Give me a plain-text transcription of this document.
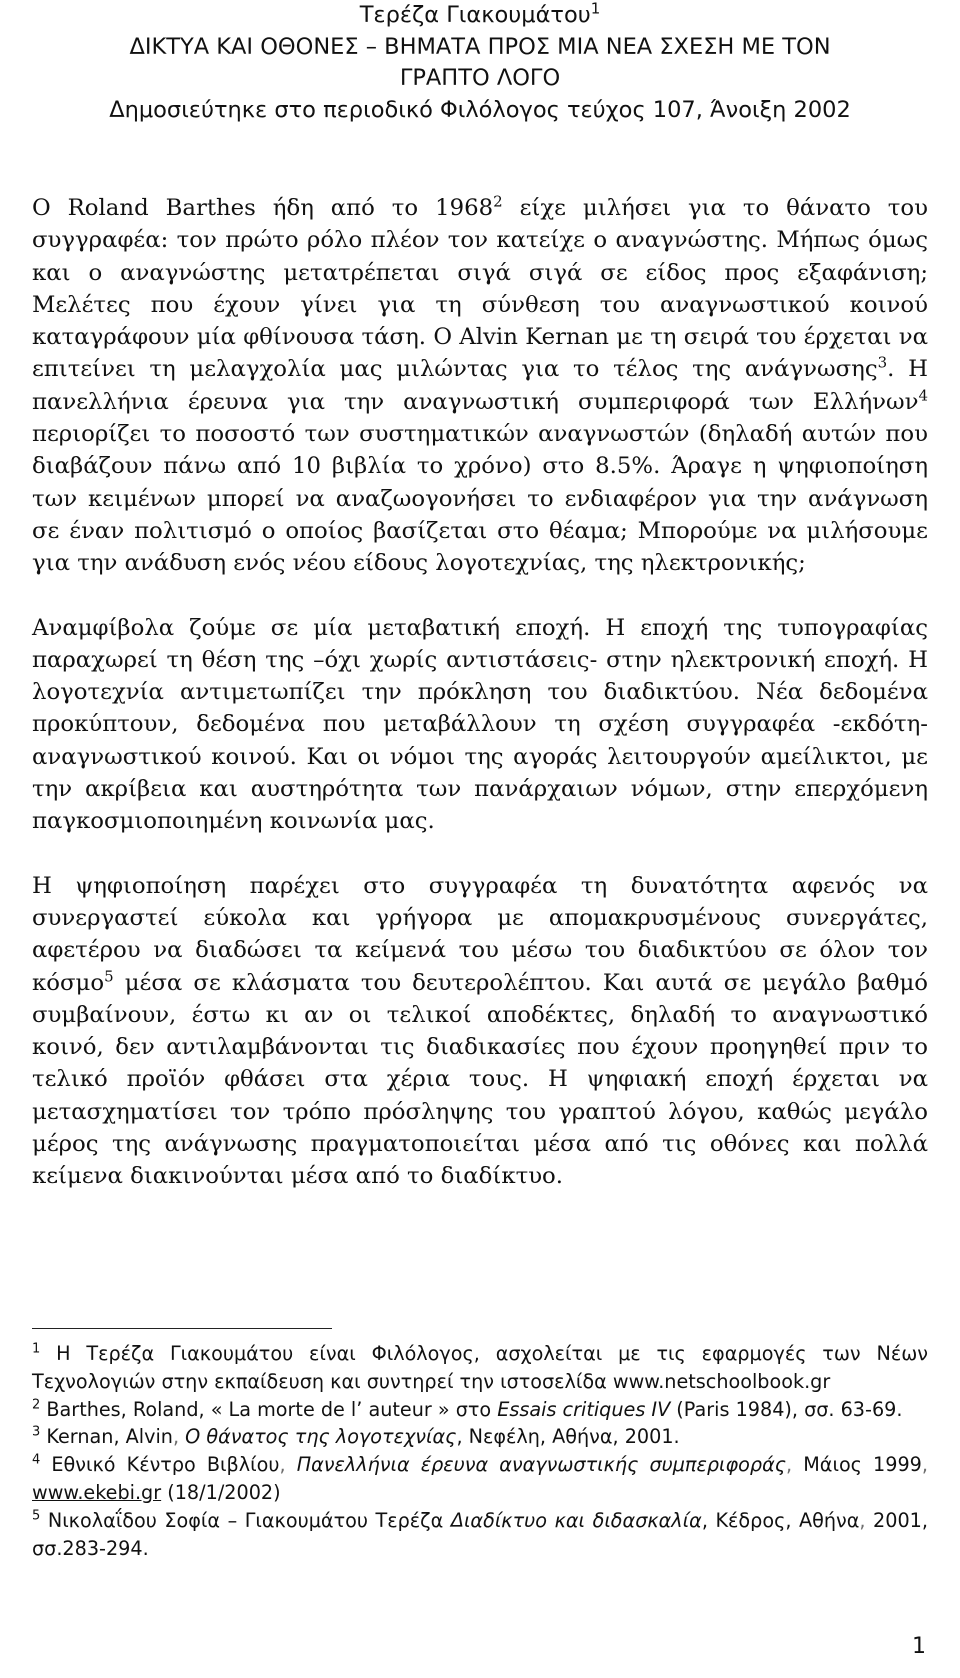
Τερέζα Γιακουμάτου$^1$
ΔΙΚΤΥΑ ΚΑΙ ΟΘΟΝΕΣ – ΒΗΜΑΤΑ ΠΡΟΣ ΜΙΑ ΝΕΑ ΣΧΕΣΗ ΜΕ ΤΟΝ
ΓΡΑΠΤΟ ΛΟΓΟ
Δημοσιεύτηκε στο περιοδικό Φιλόλογος τεύχος 107, Άνοιξη 2002

Ο Roland Barthes ήδη από το 1968$^2$ είχε μιλήσει για το θάνατο του συγγραφέα: τον πρώτο ρόλο πλέον τον κατείχε ο αναγνώστης. Μήπως όμως και ο αναγνώστης μετατρέπεται σιγά σιγά σε είδος προς εξαφάνιση; Μελέτες που έχουν γίνει για τη σύνθεση του αναγνωστικού κοινού καταγράφουν μία φθίνουσα τάση. Ο Alvin Kernan με τη σειρά του έρχεται να επιτείνει τη μελαγχολία μας μιλώντας για το τέλος της ανάγνωσης$^3$. Η πανελλήνια έρευνα για την αναγνωστική συμπεριφορά των Ελλήνων$^4$ περιορίζει το ποσοστό των συστηματικών αναγνωστών (δηλαδή αυτών που διαβάζουν πάνω από 10 βιβλία το χρόνο) στο 8.5%. Άραγε η ψηφιοποίηση των κειμένων μπορεί να αναζωογονήσει το ενδιαφέρον για την ανάγνωση σε έναν πολιτισμό ο οποίος βασίζεται στο θέαμα; Μπορούμε να μιλήσουμε για την ανάδυση ενός νέου είδους λογοτεχνίας, της ηλεκτρονικής;

Αναμφίβολα ζούμε σε μία μεταβατική εποχή. Η εποχή της τυπογραφίας παραχωρεί τη θέση της –όχι χωρίς αντιστάσεις- στην ηλεκτρονική εποχή. Η λογοτεχνία αντιμετωπίζει την πρόκληση του διαδικτύου. Νέα δεδομένα προκύπτουν, δεδομένα που μεταβάλλουν τη σχέση συγγραφέα -εκδότη-αναγνωστικού κοινού. Και οι νόμοι της αγοράς λειτουργούν αμείλικτοι, με την ακρίβεια και αυστηρότητα των πανάρχαιων νόμων, στην επερχόμενη παγκοσμιοποιημένη κοινωνία μας.

Η ψηφιοποίηση παρέχει στο συγγραφέα τη δυνατότητα αφενός να συνεργαστεί εύκολα και γρήγορα με απομακρυσμένους συνεργάτες, αφετέρου να διαδώσει τα κείμενά του μέσω του διαδικτύου σε όλον τον κόσμο$^5$ μέσα σε κλάσματα του δευτερολέπτου. Και αυτά σε μεγάλο βαθμό συμβαίνουν, έστω κι αν οι τελικοί αποδέκτες, δηλαδή το αναγνωστικό κοινό, δεν αντιλαμβάνονται τις διαδικασίες που έχουν προηγηθεί πριν το τελικό προϊόν φθάσει στα χέρια τους. Η ψηφιακή εποχή έρχεται να μετασχηματίσει τον τρόπο πρόσληψης του γραπτού λόγου, καθώς μεγάλο μέρος της ανάγνωσης πραγματοποιείται μέσα από τις οθόνες και πολλά κείμενα διακινούνται μέσα από το διαδίκτυο.

$^1$ Η Τερέζα Γιακουμάτου είναι Φιλόλογος, ασχολείται με τις εφαρμογές των Νέων Τεχνολογιών στην εκπαίδευση και συντηρεί την ιστοσελίδα www.netschoolbook.gr

$^2$ Barthes, Roland, « La morte de l’ auteur » στο Essais critiques IV (Paris 1984), σσ. 63-69.

$^3$ Kernan, Alvin, Ο θάνατος της λογοτεχνίας, Νεφέλη, Αθήνα, 2001.

$^4$ Εθνικό Κέντρο Βιβλίου, Πανελλήνια έρευνα αναγνωστικής συμπεριφοράς, Μάιος 1999, www.ekebi.gr (18/1/2002)

$^5$ Νικολαΐδου Σοφία – Γιακουμάτου Τερέζα Διαδίκτυο και διδασκαλία, Κέδρος, Αθήνα, 2001, σσ.283-294.

1
